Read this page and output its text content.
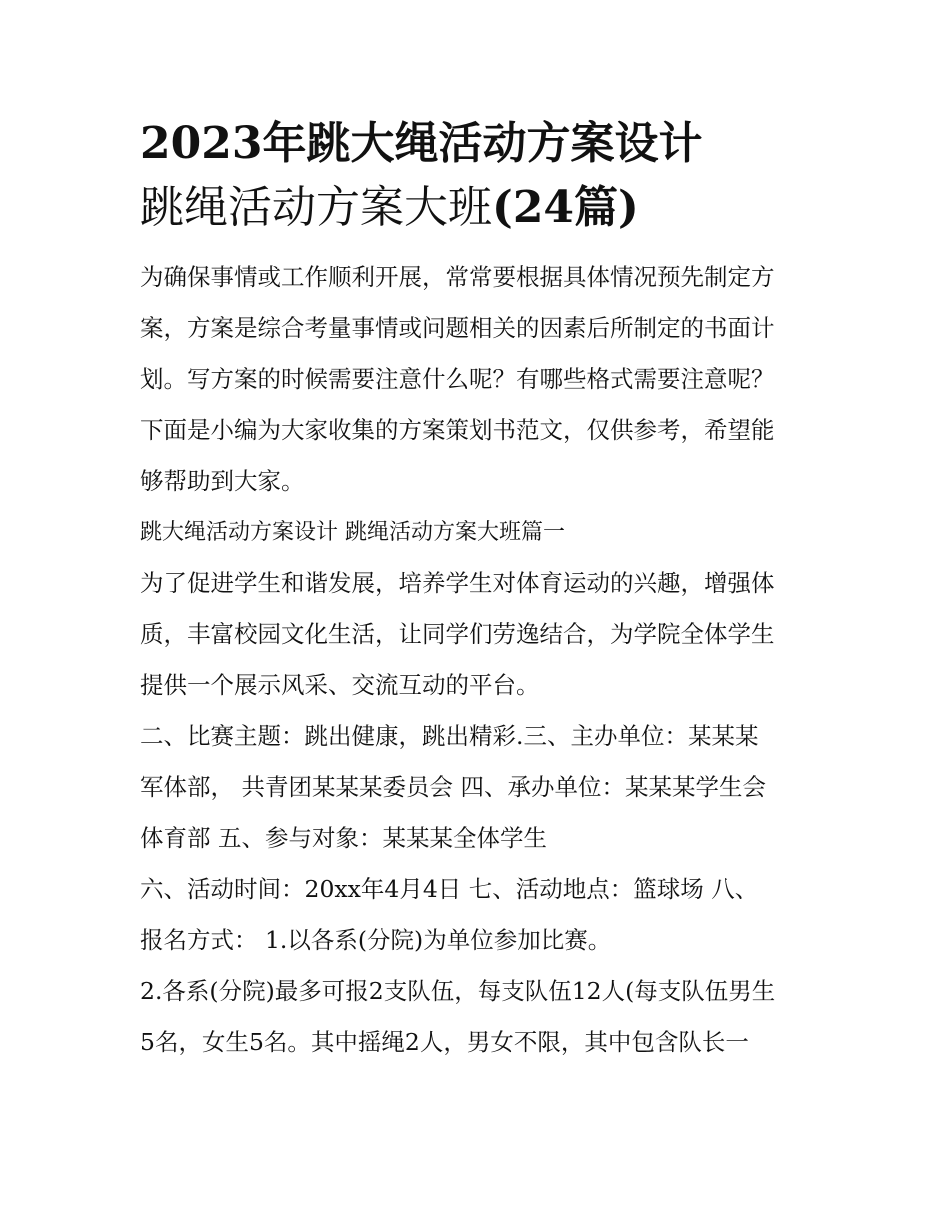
2023年跳大绳活动方案设计
跳绳活动方案大班(24篇)

为确保事情或工作顺利开展，常常要根据具体情况预先制定方
案，方案是综合考量事情或问题相关的因素后所制定的书面计
划。写方案的时候需要注意什么呢？有哪些格式需要注意呢？
下面是小编为大家收集的方案策划书范文，仅供参考，希望能
够帮助到大家。

跳大绳活动方案设计 跳绳活动方案大班篇一

为了促进学生和谐发展，培养学生对体育运动的兴趣，增强体
质，丰富校园文化生活，让同学们劳逸结合，为学院全体学生
提供一个展示风采、交流互动的平台。

二、比赛主题：跳出健康，跳出精彩.三、主办单位：某某某
军体部， 共青团某某某委员会 四、承办单位：某某某学生会
体育部 五、参与对象：某某某全体学生

六、活动时间：20xx年4月4日 七、活动地点：篮球场 八、
报名方式： 1.以各系(分院)为单位参加比赛。

2.各系(分院)最多可报2支队伍，每支队伍12人(每支队伍男生
5名，女生5名。其中摇绳2人，男女不限，其中包含队长一
